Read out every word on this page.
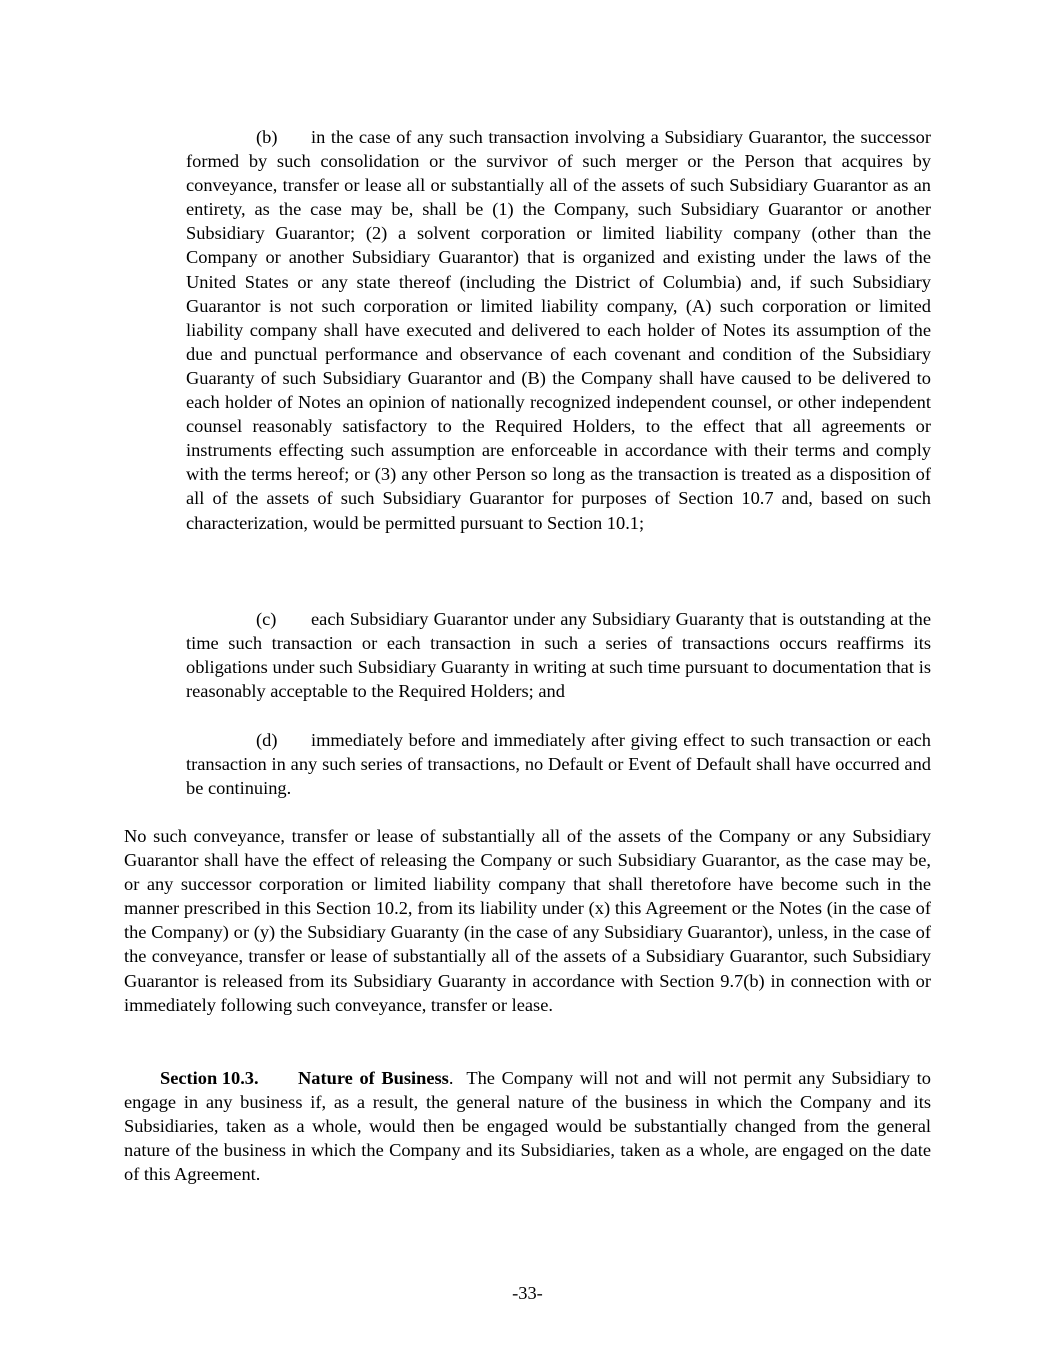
(b) in the case of any such transaction involving a Subsidiary Guarantor, the successor formed by such consolidation or the survivor of such merger or the Person that acquires by conveyance, transfer or lease all or substantially all of the assets of such Subsidiary Guarantor as an entirety, as the case may be, shall be (1) the Company, such Subsidiary Guarantor or another Subsidiary Guarantor; (2) a solvent corporation or limited liability company (other than the Company or another Subsidiary Guarantor) that is organized and existing under the laws of the United States or any state thereof (including the District of Columbia) and, if such Subsidiary Guarantor is not such corporation or limited liability company, (A) such corporation or limited liability company shall have executed and delivered to each holder of Notes its assumption of the due and punctual performance and observance of each covenant and condition of the Subsidiary Guaranty of such Subsidiary Guarantor and (B) the Company shall have caused to be delivered to each holder of Notes an opinion of nationally recognized independent counsel, or other independent counsel reasonably satisfactory to the Required Holders, to the effect that all agreements or instruments effecting such assumption are enforceable in accordance with their terms and comply with the terms hereof; or (3) any other Person so long as the transaction is treated as a disposition of all of the assets of such Subsidiary Guarantor for purposes of Section 10.7 and, based on such characterization, would be permitted pursuant to Section 10.1;

(c) each Subsidiary Guarantor under any Subsidiary Guaranty that is outstanding at the time such transaction or each transaction in such a series of transactions occurs reaffirms its obligations under such Subsidiary Guaranty in writing at such time pursuant to documentation that is reasonably acceptable to the Required Holders; and

(d) immediately before and immediately after giving effect to such transaction or each transaction in any such series of transactions, no Default or Event of Default shall have occurred and be continuing.

No such conveyance, transfer or lease of substantially all of the assets of the Company or any Subsidiary Guarantor shall have the effect of releasing the Company or such Subsidiary Guarantor, as the case may be, or any successor corporation or limited liability company that shall theretofore have become such in the manner prescribed in this Section 10.2, from its liability under (x) this Agreement or the Notes (in the case of the Company) or (y) the Subsidiary Guaranty (in the case of any Subsidiary Guarantor), unless, in the case of the conveyance, transfer or lease of substantially all of the assets of a Subsidiary Guarantor, such Subsidiary Guarantor is released from its Subsidiary Guaranty in accordance with Section 9.7(b) in connection with or immediately following such conveyance, transfer or lease.

Section 10.3. Nature of Business. The Company will not and will not permit any Subsidiary to engage in any business if, as a result, the general nature of the business in which the Company and its Subsidiaries, taken as a whole, would then be engaged would be substantially changed from the general nature of the business in which the Company and its Subsidiaries, taken as a whole, are engaged on the date of this Agreement.

-33-
